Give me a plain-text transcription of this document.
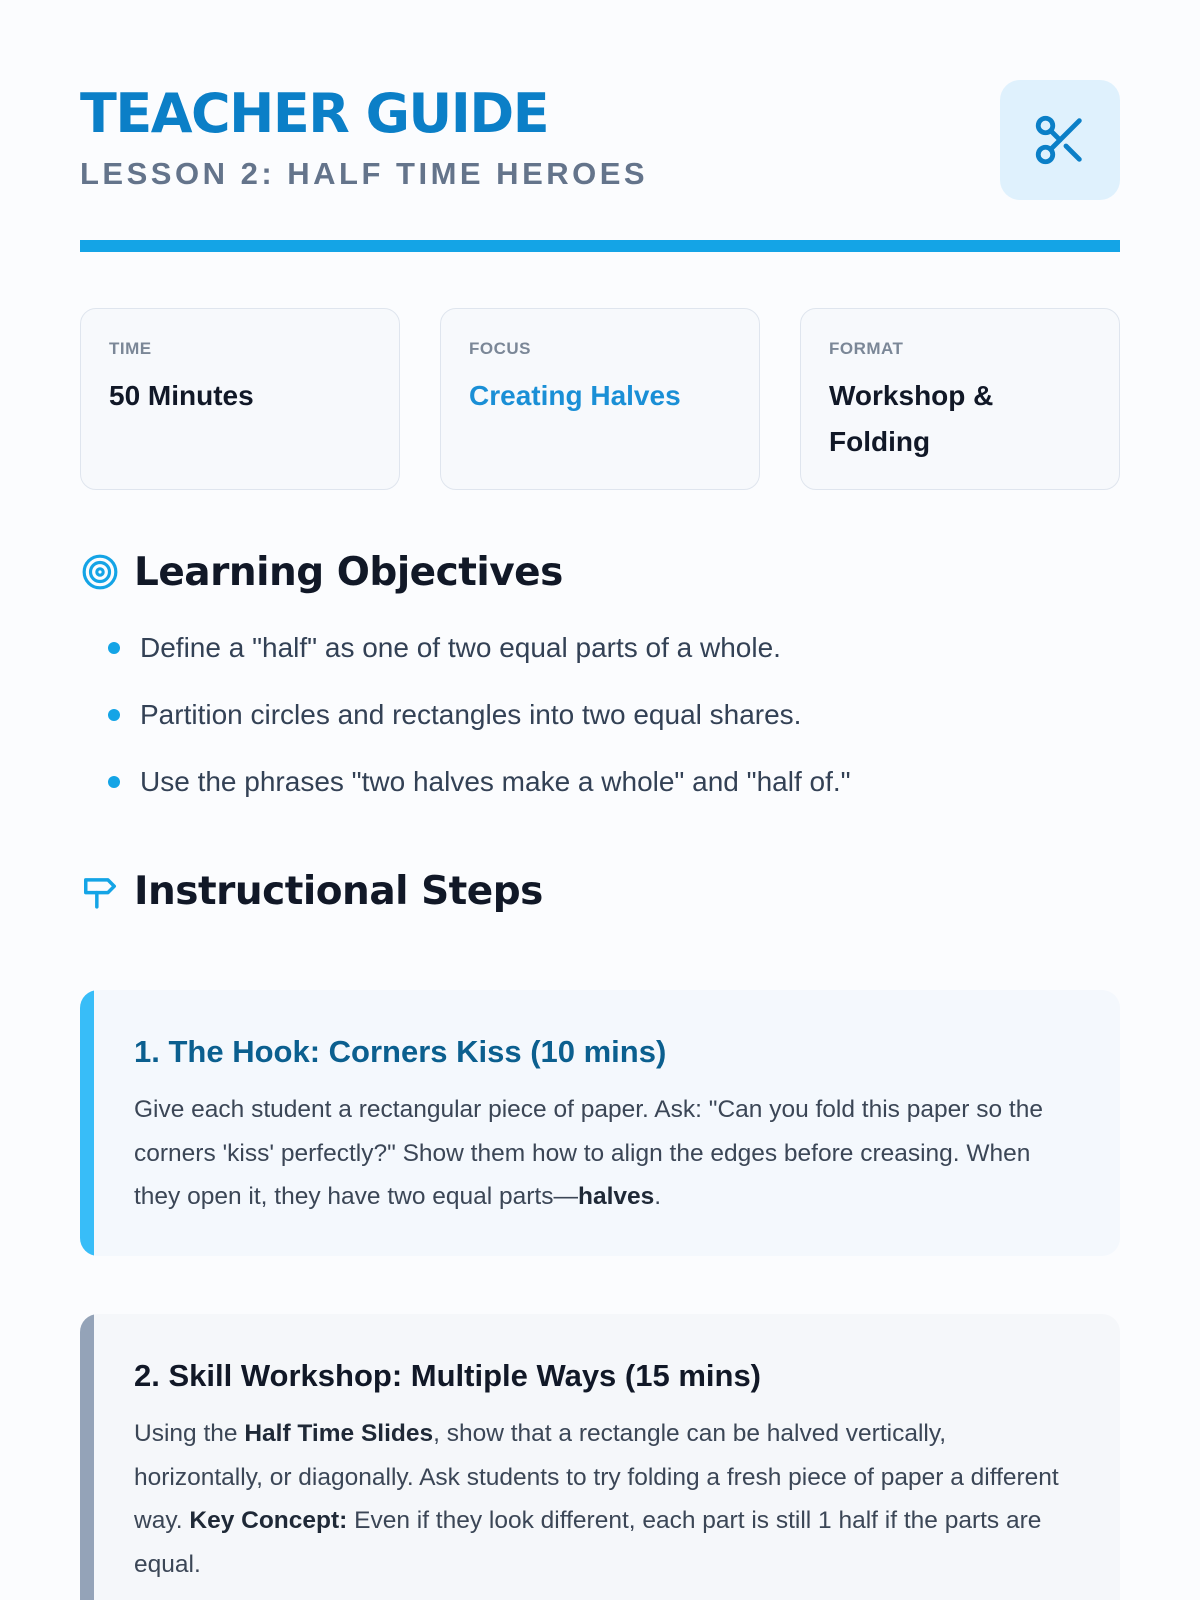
TEACHER GUIDE
LESSON 2: HALF TIME HEROES
TIME
50 Minutes
FOCUS
Creating Halves
FORMAT
Workshop & Folding
Learning Objectives
Define a "half" as one of two equal parts of a whole.
Partition circles and rectangles into two equal shares.
Use the phrases "two halves make a whole" and "half of."
Instructional Steps
1. The Hook: Corners Kiss (10 mins)
Give each student a rectangular piece of paper. Ask: "Can you fold this paper so the corners 'kiss' perfectly?" Show them how to align the edges before creasing. When they open it, they have two equal parts—halves.
2. Skill Workshop: Multiple Ways (15 mins)
Using the Half Time Slides, show that a rectangle can be halved vertically, horizontally, or diagonally. Ask students to try folding a fresh piece of paper a different way. Key Concept: Even if they look different, each part is still 1 half if the parts are equal.
